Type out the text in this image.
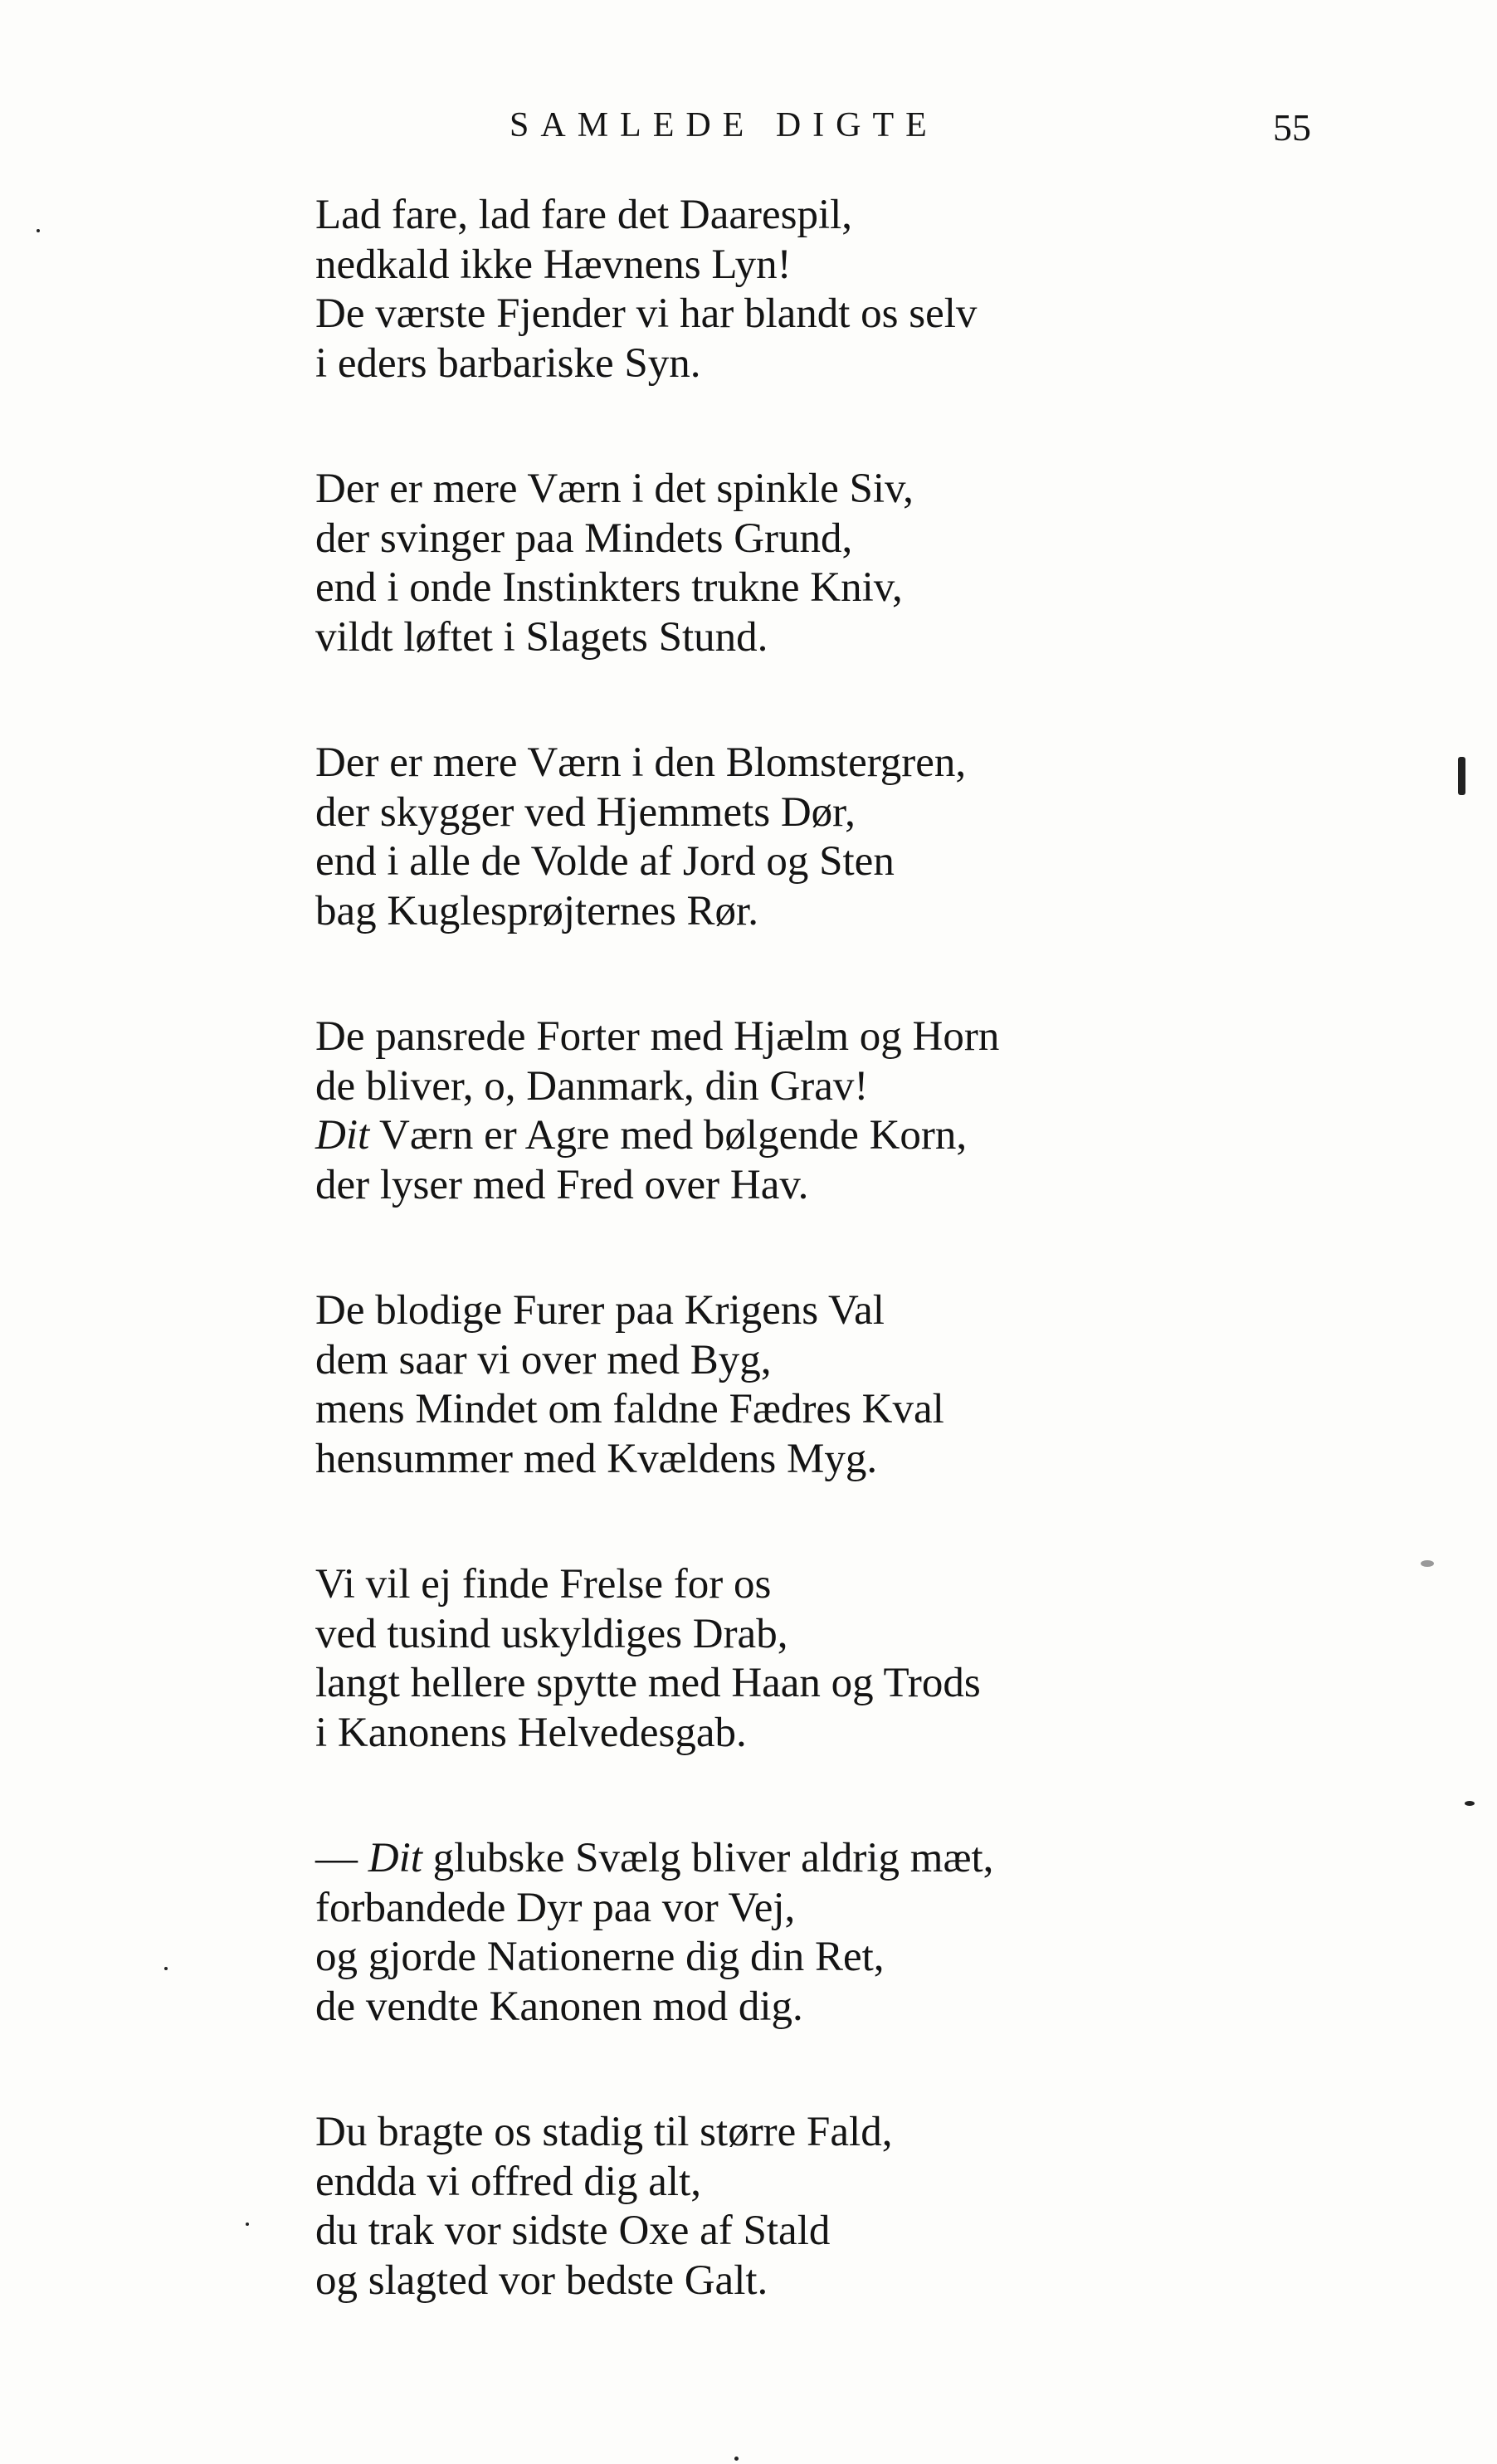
SAMLEDE DIGTE	55
Lad fare, lad fare det Daarespil,
nedkald ikke Hævnens Lyn!
De værste Fjender vi har blandt os selv
i eders barbariske Syn.
Der er mere Værn i det spinkle Siv,
der svinger paa Mindets Grund,
end i onde Instinkters trukne Kniv,
vildt løftet i Slagets Stund.
Der er mere Værn i den Blomstergren,
der skygger ved Hjemmets Dør,
end i alle de Volde af Jord og Sten
bag Kuglesprøjternes Rør.
De pansrede Forter med Hjælm og Horn
de bliver, o, Danmark, din Grav!
Dit Værn er Agre med bølgende Korn,
der lyser med Fred over Hav.
De blodige Furer paa Krigens Val
dem saar vi over med Byg,
mens Mindet om faldne Fædres Kval
hensummer med Kvældens Myg.
Vi vil ej finde Frelse for os
ved tusind uskyldiges Drab,
langt hellere spytte med Haan og Trods
i Kanonens Helvedesgab.
— Dit glubske Svælg bliver aldrig mæt,
forbandede Dyr paa vor Vej,
og gjorde Nationerne dig din Ret,
de vendte Kanonen mod dig.
Du bragte os stadig til større Fald,
endda vi offred dig alt,
du trak vor sidste Oxe af Stald
og slagted vor bedste Galt.
